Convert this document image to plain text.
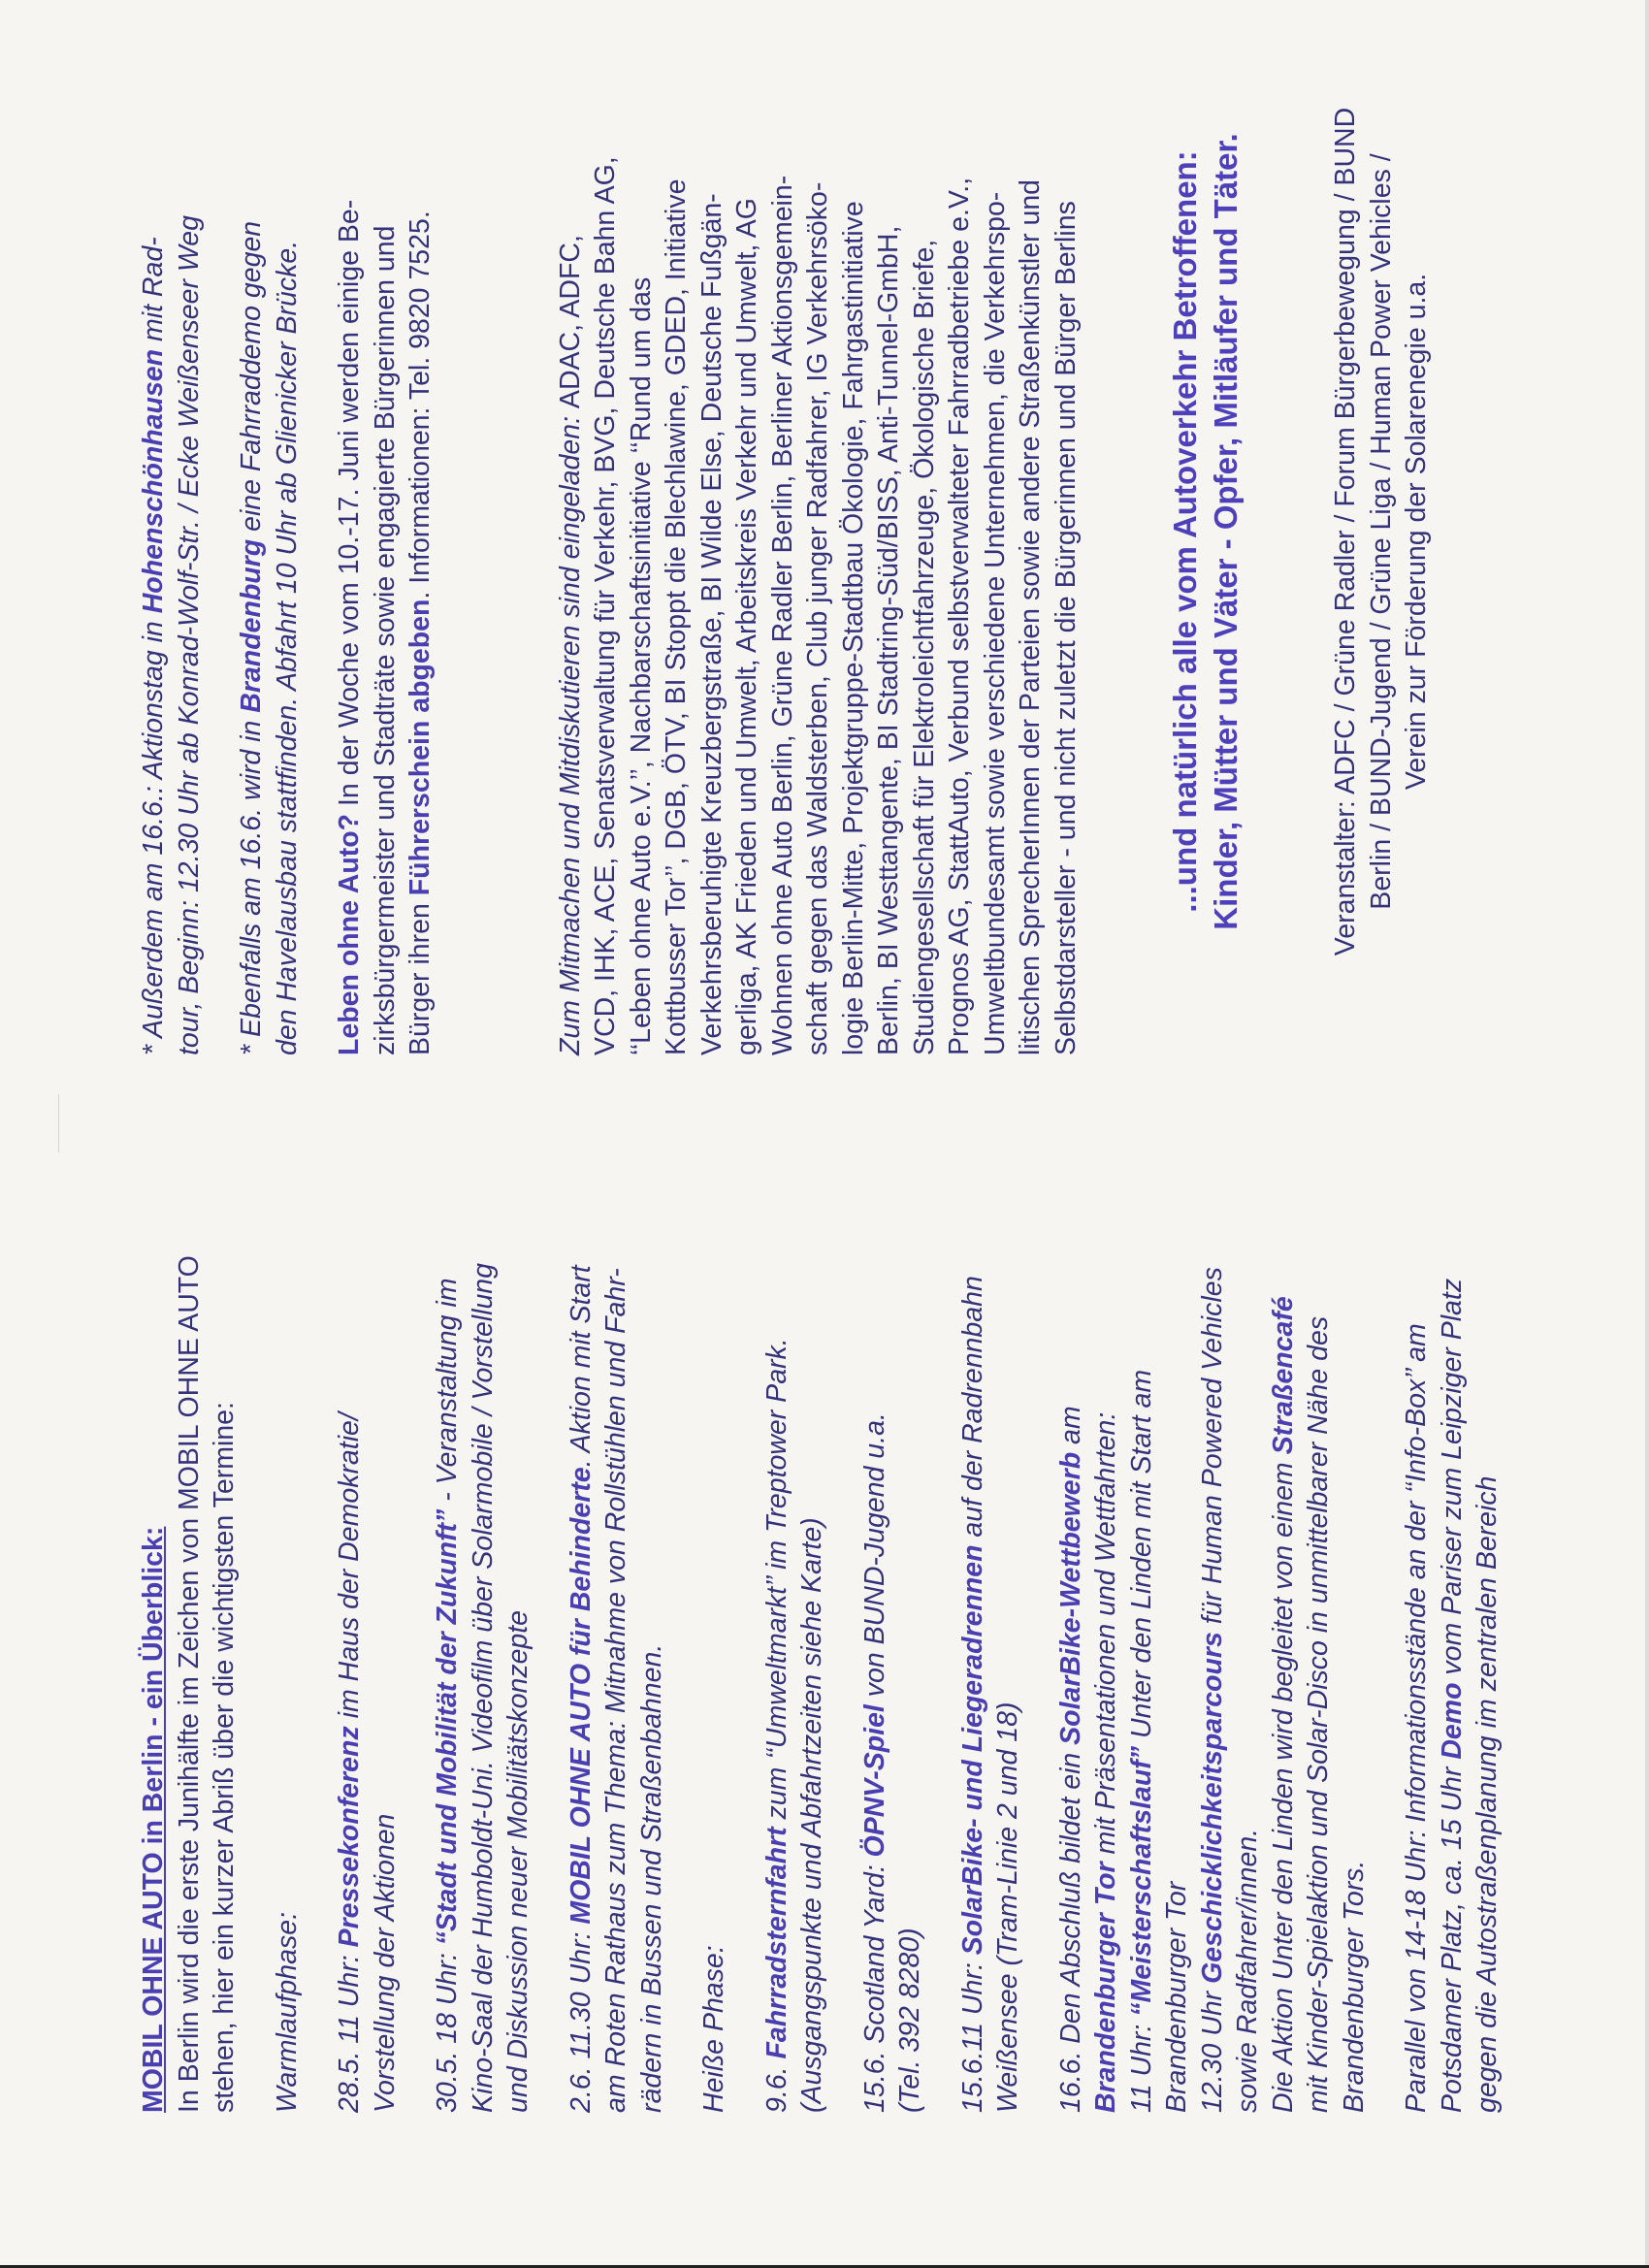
MOBIL OHNE AUTO in Berlin - ein Überblick: In Berlin wird die erste Junihälfte im Zeichen von MOBIL OHNE AUTO stehen, hier ein kurzer Abriß über die wichtigsten Termine: Warmlaufphase: 28.5. 11 Uhr: Pressekonferenz im Haus der Demokratie/
Vorstellung der Aktionen 30.5. 18 Uhr: “Stadt und Mobilität der Zukunft” - Veranstaltung im Kino-Saal der Humboldt-Uni. Videofilm über Solarmobile / Vorstellung und Diskussion neuer Mobilitätskonzepte 2.6. 11.30 Uhr: MOBIL OHNE AUTO für Behinderte. Aktion mit Start am Roten Rathaus zum Thema: Mitnahme von Rollstühlen und Fahr- rädern in Bussen und Straßenbahnen. Heiße Phase: 9.6. Fahrradsternfahrt zum ‘‘Umweltmarkt’’ im Treptower Park. (Ausgangspunkte und Abfahrtzeiten siehe Karte) 15.6. Scotland Yard: ÖPNV-Spiel von BUND-Jugend u.a.
(Tel. 392 8280) 15.6.11 Uhr: SolarBike- und Liegeradrennen auf der Radrennbahn
Weißensee (Tram-Linie 2 und 18) 16.6. Den Abschluß bildet ein SolarBike-Wettbewerb am
Brandenburger Tor mit Präsentationen und Wettfahrten:
11 Uhr: “Meisterschaftslauf” Unter den Linden mit Start am
Brandenburger Tor 12.30 Uhr Geschicklichkeitsparcours für Human Powered Vehicles
sowie Radfahrer/innen. Die Aktion Unter den Linden wird begleitet von einem Straßencafé mit Kinder-Spielaktion und Solar-Disco in unmittelbarer Nähe des Brandenburger Tors. Parallel von 14-18 Uhr: Informationsstände an der ‘‘Info-Box’’ am Potsdamer Platz, ca. 15 Uhr Demo vom Pariser zum Leipziger Platz gegen die Autostraßenplanung im zentralen Bereich

* Außerdem am 16.6.: Aktionstag in Hohenschönhausen mit Rad- tour, Beginn: 12.30 Uhr ab Konrad-Wolf-Str. / Ecke Weißenseer Weg * Ebenfalls am 16.6. wird in Brandenburg eine Fahrraddemo gegen den Havelausbau stattfinden. Abfahrt 10 Uhr ab Glienicker Brücke. Leben ohne Auto? In der Woche vom 10.-17. Juni werden einige Be- zirksbürgermeister und Stadträte sowie engagierte Bürgerinnen und Bürger ihren Führerschein abgeben. Informationen: Tel. 9820 7525.

Zum Mitmachen und Mitdiskutieren sind eingeladen: ADAC, ADFC, VCD, IHK, ACE, Senatsverwaltung für Verkehr, BVG, Deutsche Bahn AG, ‘‘Leben ohne Auto e.V.’’, Nachbarschaftsinitiative ‘‘Rund um das Kottbusser Tor’’, DGB, ÖTV, BI Stoppt die Blechlawine, GDED, Initiative Verkehrsberuhigte Kreuzbergstraße, BI Wilde Else, Deutsche Fußgän- gerliga, AK Frieden und Umwelt, Arbeitskreis Verkehr und Umwelt, AG Wohnen ohne Auto Berlin, Grüne Radler Berlin, Berliner Aktionsgemein- schaft gegen das Waldsterben, Club junger Radfahrer, IG Verkehrsöko- logie Berlin-Mitte, Projektgruppe-Stadtbau Ökologie, Fahrgastinitiative Berlin, BI Westtangente, BI Stadtring-Süd/BISS, Anti-Tunnel-GmbH, Studiengesellschaft für Elektroleichtfahrzeuge, Ökologische Briefe, Prognos AG, StattAuto, Verbund selbstverwalteter Fahrradbetriebe e.V., Umweltbundesamt sowie verschiedene Unternehmen, die Verkehrspo- litischen SprecherInnen der Parteien sowie andere Straßenkünstler und Selbstdarsteller - und nicht zuletzt die Bürgerinnen und Bürger Berlins	...und natürlich alle vom Autoverkehr Betroffenen: Kinder, Mütter und Väter - Opfer, Mitläufer und Täter.	Veranstalter: ADFC / Grüne Radler / Forum Bürgerbewegung / BUND Berlin / BUND-Jugend / Grüne Liga / Human Power Vehicles / Verein zur Förderung der Solarenegie u.a.
